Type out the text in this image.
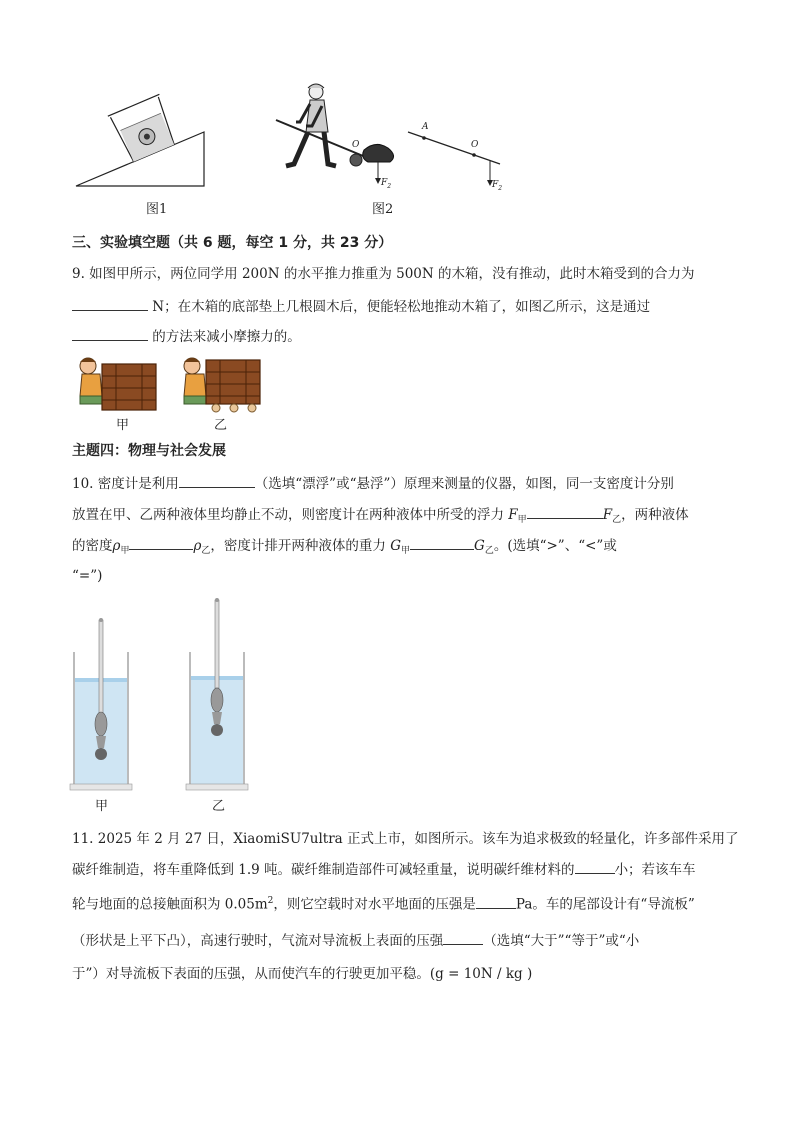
图1
O
$F_2$
图2
A
O
$F_2$
三、实验填空题（共 6 题，每空 1 分，共 23 分）
9. 如图甲所示，两位同学用 200N 的水平推力推重为 500N 的木箱，没有推动，此时木箱受到的合力为
N；在木箱的底部垫上几根圆木后，便能轻松地推动木箱了，如图乙所示，这是通过
的方法来减小摩擦力的。
甲	乙
主题四：物理与社会发展
10. 密度计是利用	（选填“漂浮”或“悬浮”）原理来测量的仪器，如图，同一支密度计分别
放置在甲、乙两种液体里均静止不动，则密度计在两种液体中所受的浮力 $F_甲$	$F_乙$，两种液体
的密度$\rho_甲$	$\rho_乙$，密度计排开两种液体的重力 $G_甲$	$G_乙$。(选填“>”、“<”或
“=”)
甲	乙
11. 2025 年 2 月 27 日，XiaomiSU7ultra 正式上市，如图所示。该车为追求极致的轻量化，许多部件采用了
碳纤维制造，将车重降低到 1.9 吨。碳纤维制造部件可减轻重量，说明碳纤维材料的	小；若该车车
轮与地面的总接触面积为 $0.05m^2$，则它空载时对水平地面的压强是	Pa。车的尾部设计有“导流板”
（形状是上平下凸），高速行驶时，气流对导流板上表面的压强	（选填“大于”“等于”或“小
于”）对导流板下表面的压强，从而使汽车的行驶更加平稳。(g = 10N / kg )
